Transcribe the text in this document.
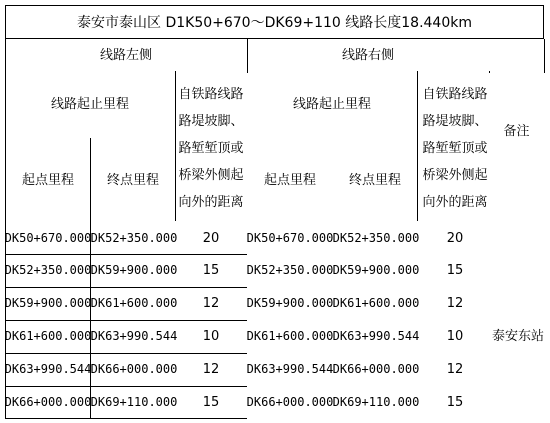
泰安市泰山区 D1K50+670～DK69+110 线路长度18.440km
线路左侧	线路右侧
线路起止里程	线路起止里程
自铁路线路路堤坡脚、路堑堑顶或桥梁外侧起向外的距离
自铁路线路路堤坡脚、路堑堑顶或桥梁外侧起向外的距离
起点里程	终点里程	起点里程	终点里程
备注
DK50+670.000 DK52+350.000	20	DK50+670.000 DK52+350.000	20
DK52+350.000 DK59+900.000	15	DK52+350.000 DK59+900.000	15
DK59+900.000 DK61+600.000	12	DK59+900.000 DK61+600.000	12
DK61+600.000 DK63+990.544	10	DK61+600.000 DK63+990.544	10	泰安东站
DK63+990.544 DK66+000.000	12	DK63+990.544 DK66+000.000	12
DK66+000.000 DK69+110.000	15	DK66+000.000 DK69+110.000	15
